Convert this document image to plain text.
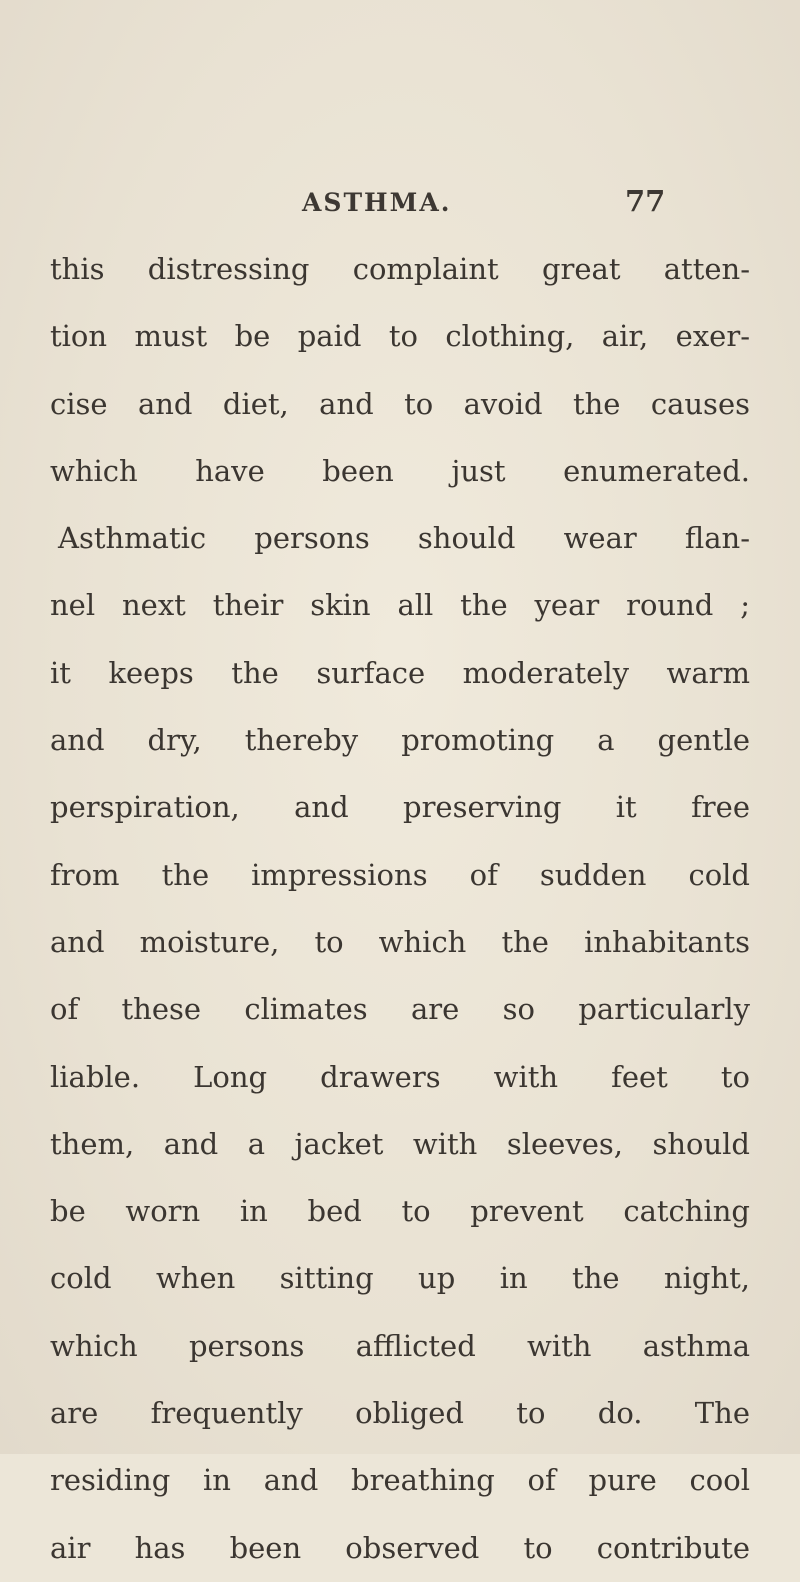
ASTHMA.	77
this distressing complaint great atten-
tion must be paid to clothing, air, exer-
cise and diet, and to avoid the causes
which have been just enumerated.
Asthmatic persons should wear flan-
nel next their skin all the year round ;
it keeps the surface moderately warm
and dry, thereby promoting a gentle
perspiration, and preserving it free
from the impressions of sudden cold
and moisture, to which the inhabitants
of these climates are so particularly
liable. Long drawers with feet to
them, and a jacket with sleeves, should
be worn in bed to prevent catching
cold when sitting up in the night,
which persons afflicted with asthma
are frequently obliged to do. The
residing in and breathing of pure cool
air has been observed to contribute
